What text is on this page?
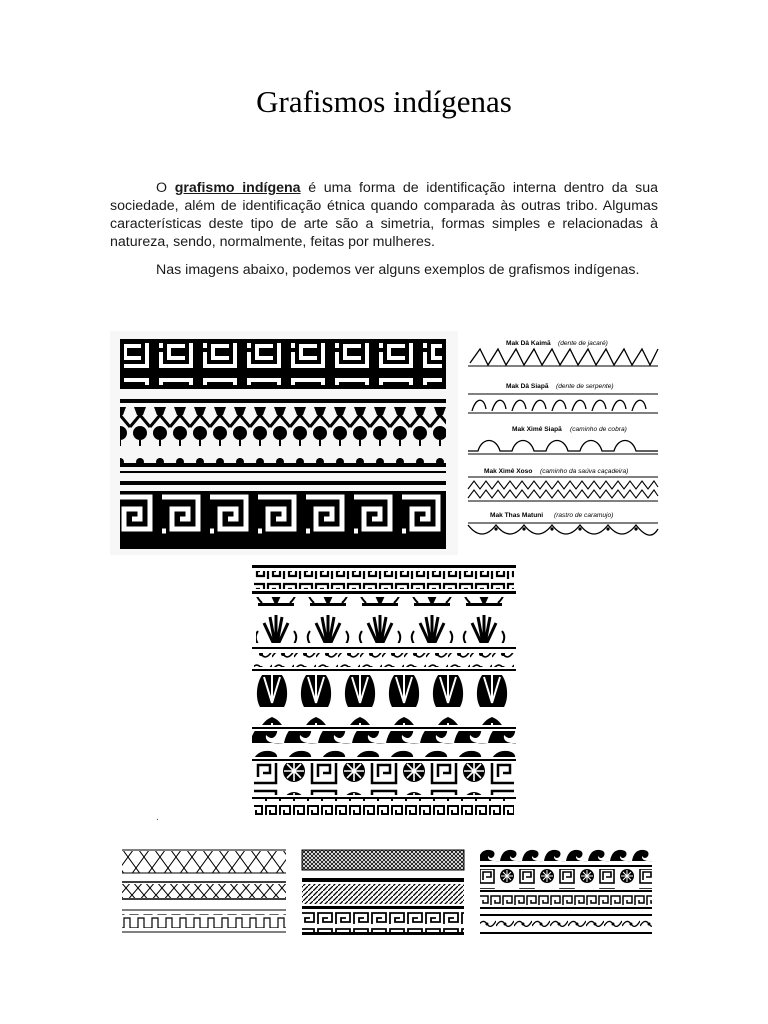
Grafismos indígenas

O grafismo indígena é uma forma de identificação interna dentro da sua sociedade, além de identificação étnica quando comparada às outras tribo. Algumas características deste tipo de arte são a simetria, formas simples e relacionadas à natureza, sendo, normalmente, feitas por mulheres.

Nas imagens abaixo, podemos ver alguns exemplos de grafismos indígenas.

Mak Dâ Kaimã (dente de jacaré)
Mak Dâ Siapã (dente de serpente)
Mak Ximê Siapã (caminho de cobra)
Mak Ximê Xoso (caminho da saúva caçadeira)
Mak Thas Matuni (rastro de caramujo)
.
